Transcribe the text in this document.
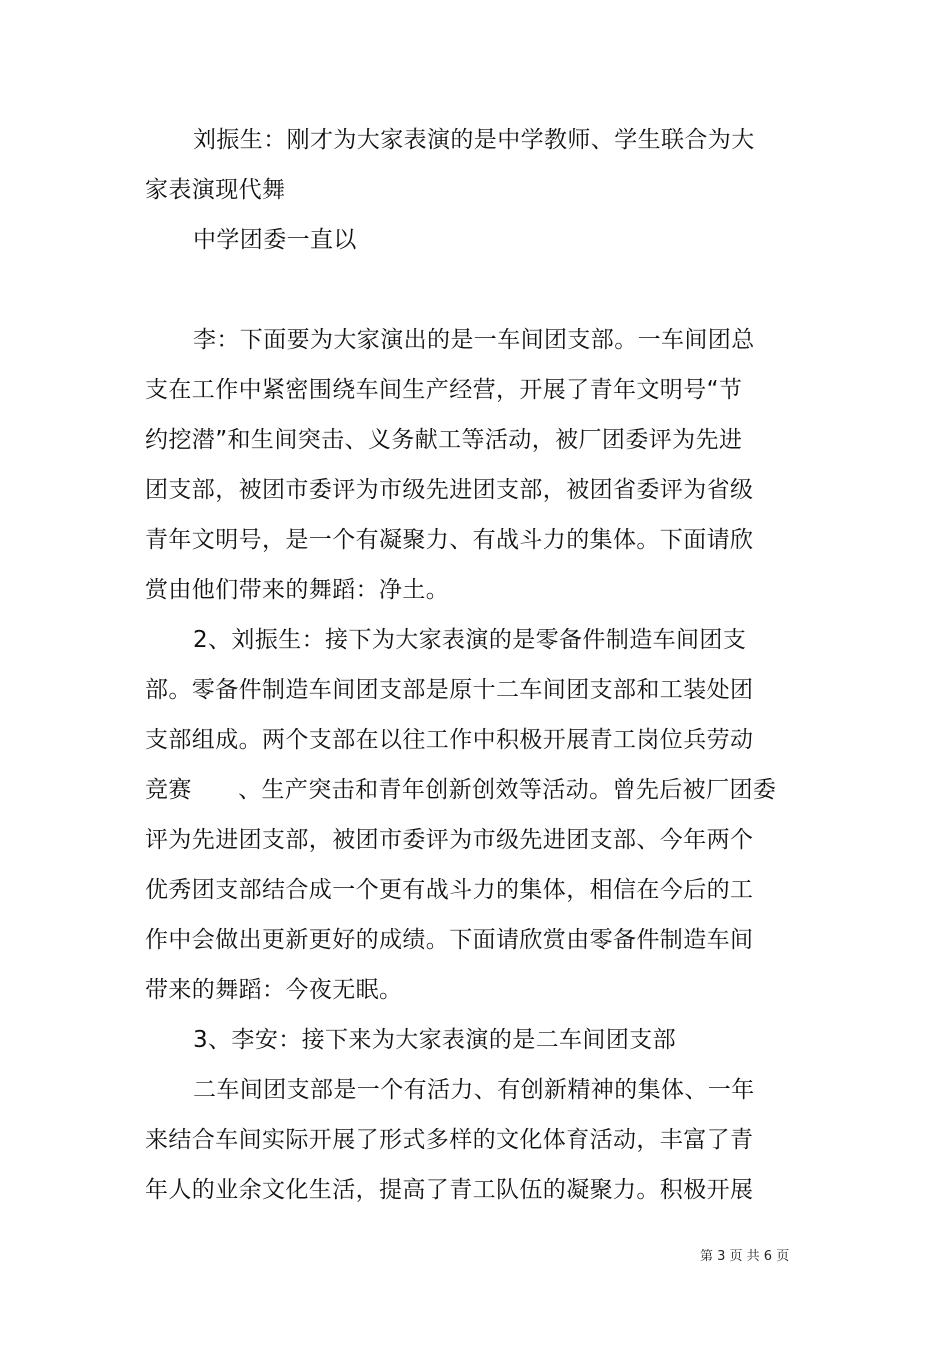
刘振生：刚才为大家表演的是中学教师、学生联合为大
家表演现代舞
中学团委一直以
李：下面要为大家演出的是一车间团支部。一车间团总
支在工作中紧密围绕车间生产经营，开展了青年文明号“节
约挖潜”和生间突击、义务献工等活动，被厂团委评为先进
团支部，被团市委评为市级先进团支部，被团省委评为省级
青年文明号，是一个有凝聚力、有战斗力的集体。下面请欣
赏由他们带来的舞蹈：净土。
2、刘振生：接下为大家表演的是零备件制造车间团支
部。零备件制造车间团支部是原十二车间团支部和工装处团
支部组成。两个支部在以往工作中积极开展青工岗位兵劳动
竞赛      、生产突击和青年创新创效等活动。曾先后被厂团委
评为先进团支部，被团市委评为市级先进团支部、今年两个
优秀团支部结合成一个更有战斗力的集体，相信在今后的工
作中会做出更新更好的成绩。下面请欣赏由零备件制造车间
带来的舞蹈：今夜无眠。
3、李安：接下来为大家表演的是二车间团支部
二车间团支部是一个有活力、有创新精神的集体、一年
来结合车间实际开展了形式多样的文化体育活动，丰富了青
年人的业余文化生活，提高了青工队伍的凝聚力。积极开展
第 3 页 共 6 页
